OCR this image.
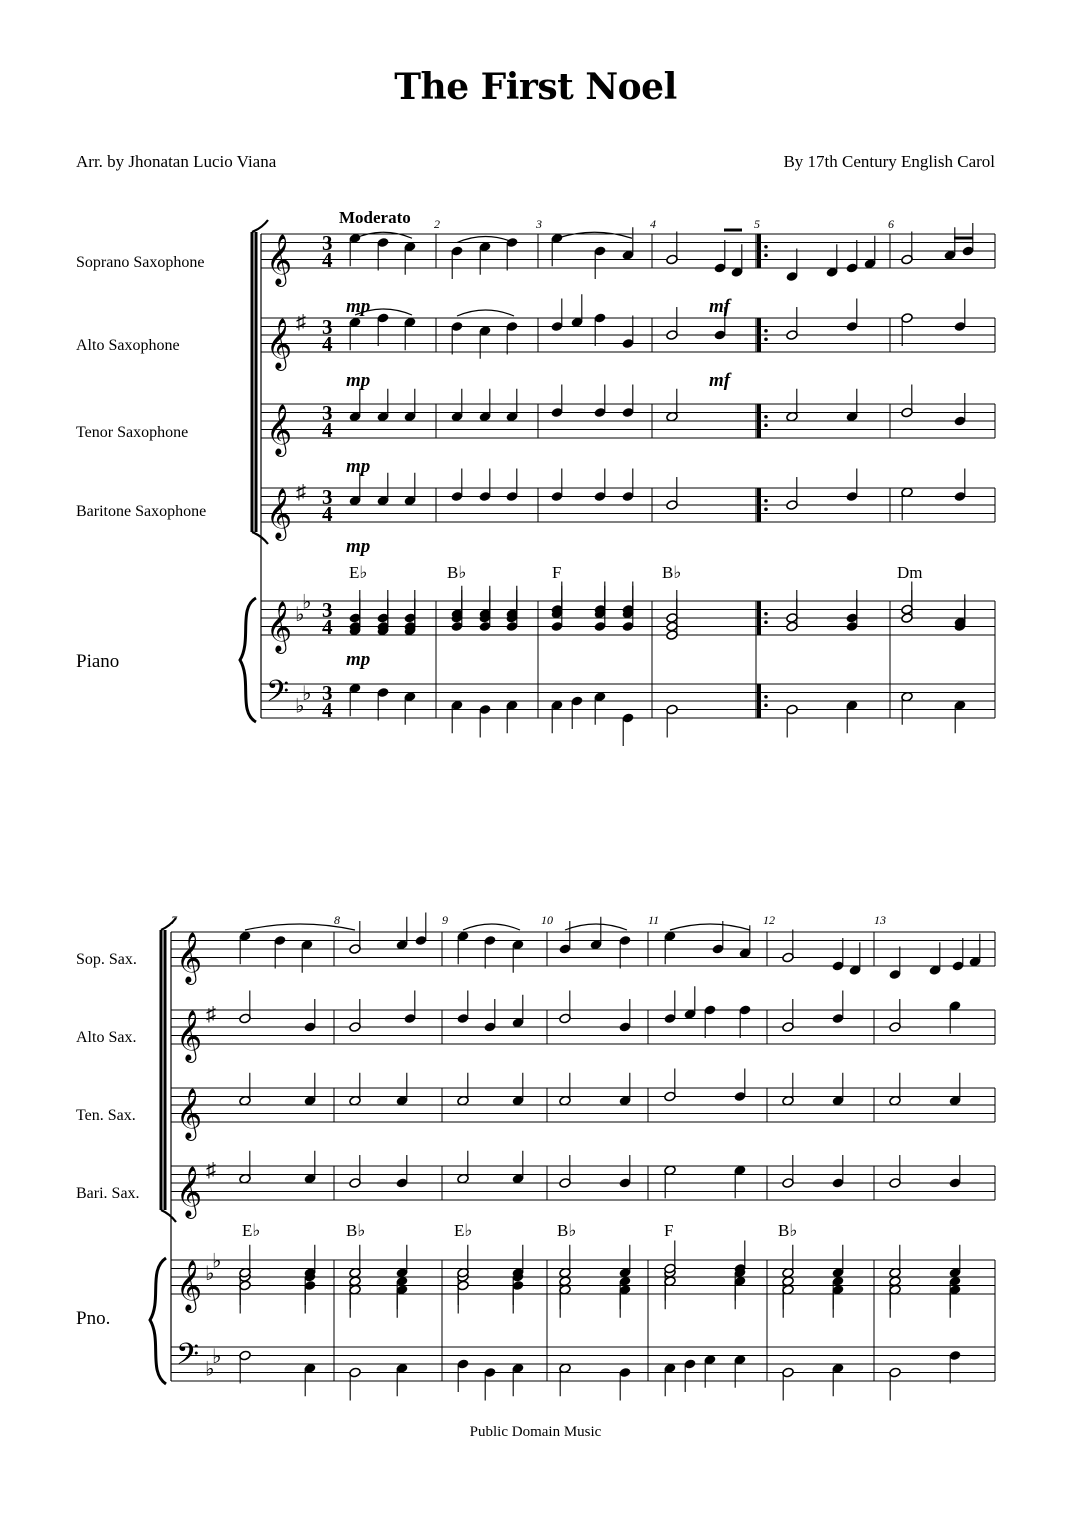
The First Noel
Arr. by Jhonatan Lucio Viana	By 17th Century English Carol
Soprano Saxophone
Alto Saxophone
Tenor Saxophone
Baritone Saxophone
Piano
Sop. Sax.
Alto Sax.
Ten. Sax.
Bari. Sax.
Pno.
𝄞
𝄞
𝄞
𝄞
𝄞
𝄢
♯
♯
♭
♭
♭
♭
3
4
3
4
3
4
3
4
3
4
3
4
2	3	4	5	6
E♭	B♭	F	B♭	Dm
mp	mf
mp	mf
mp
mp
mp
𝄞
𝄞
𝄞
𝄞
𝄞
𝄢
♯
♯
♭
♭
♭
♭
7	8	9	10	11	12	13
E♭	B♭	E♭	B♭	F	B♭
Moderato
Public Domain Music
